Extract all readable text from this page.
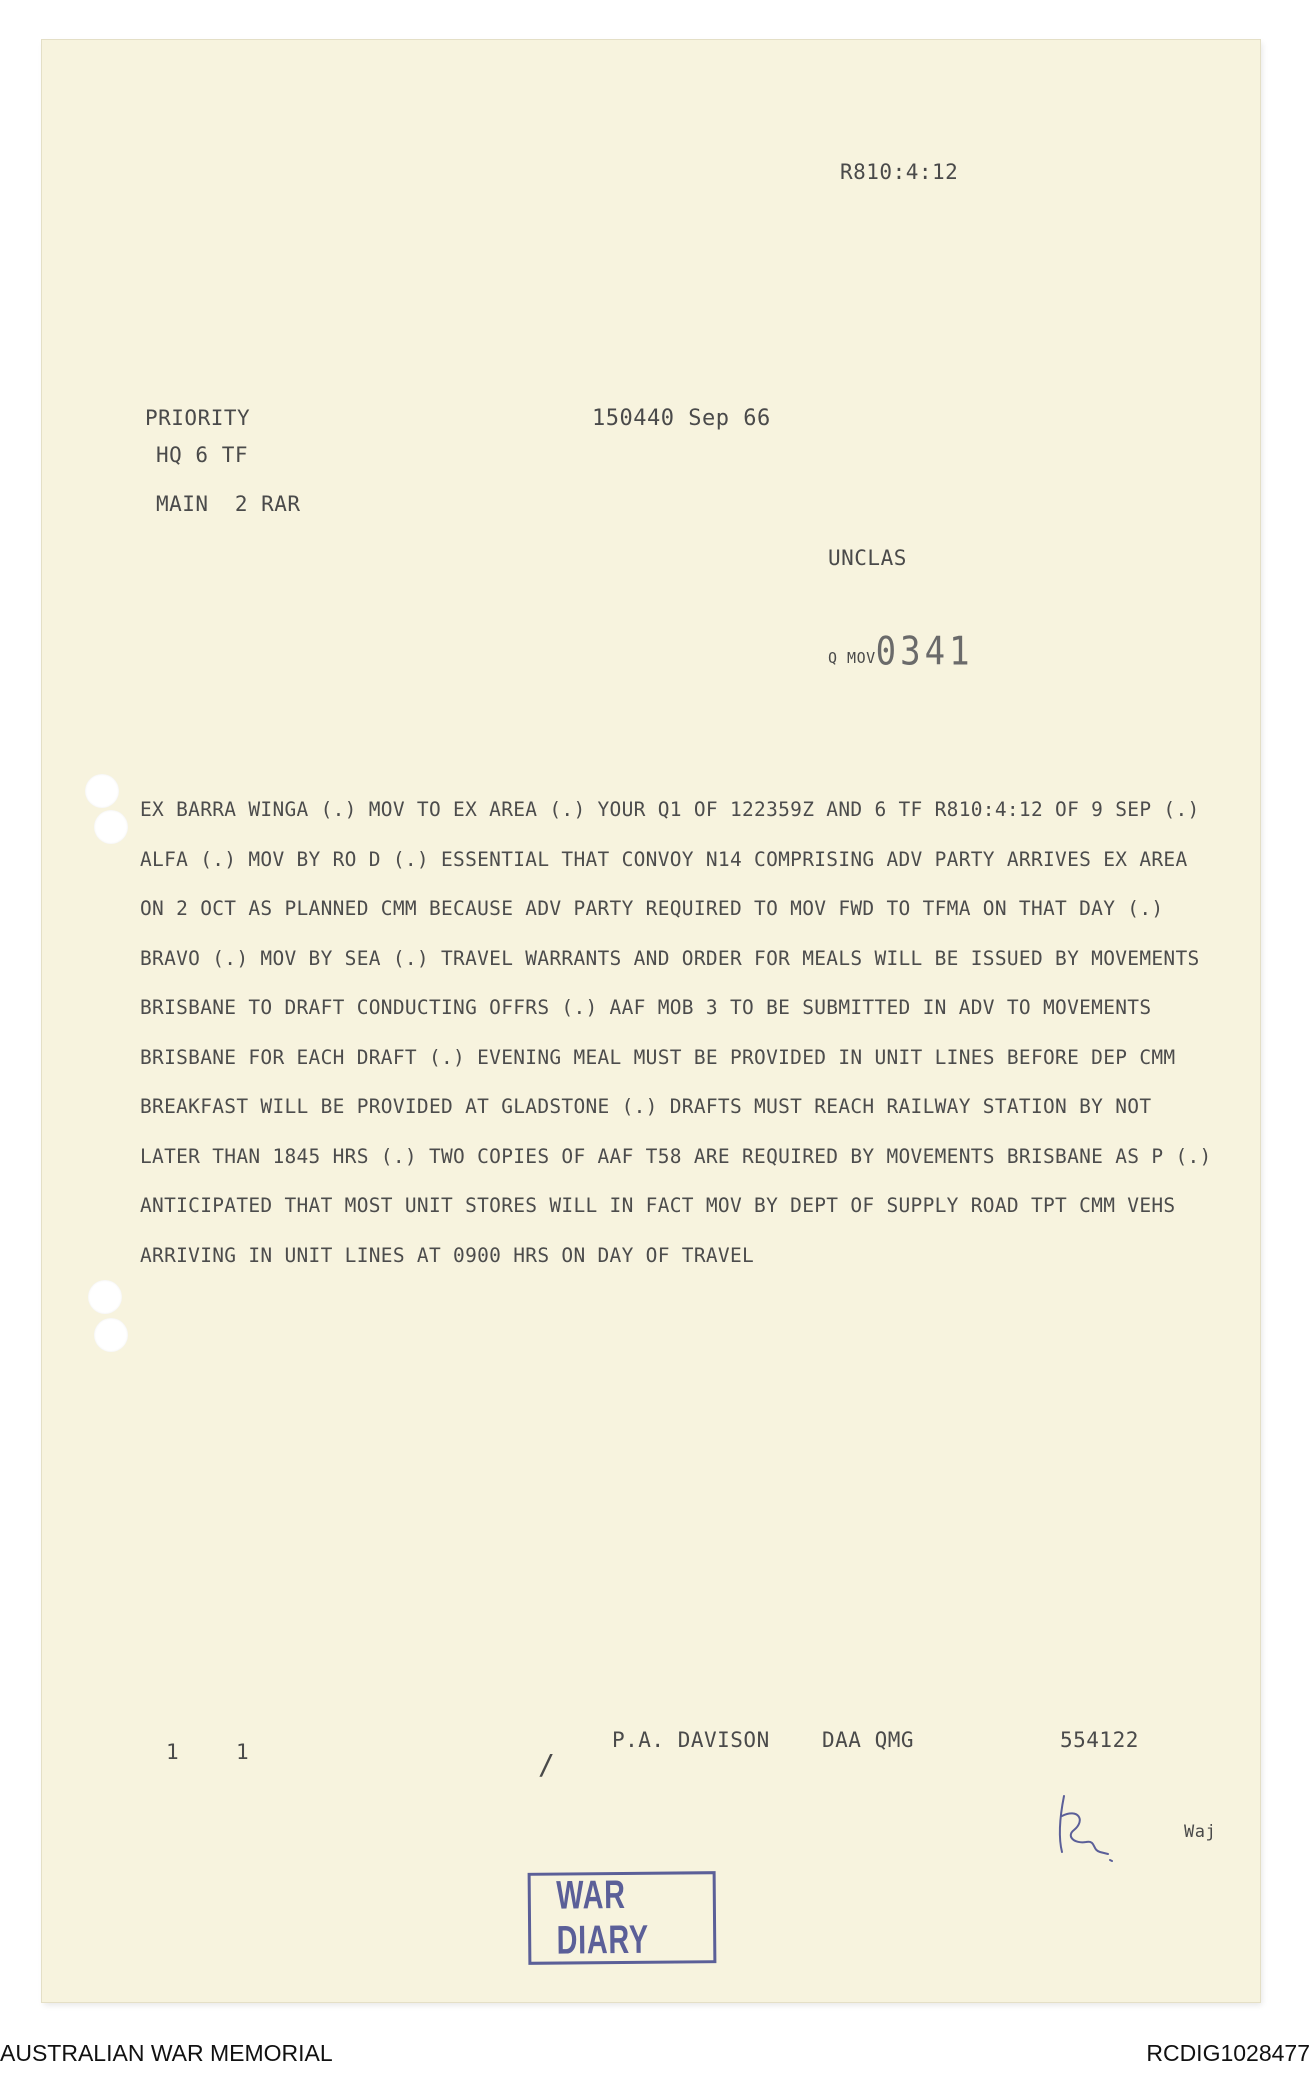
R810:4:12
PRIORITY
HQ 6 TF
MAIN  2 RAR
150440 Sep 66
UNCLAS
Q MOV0341
EX BARRA WINGA (.) MOV TO EX AREA (.) YOUR Q1 OF 122359Z AND 6 TF R810:4:12 OF 9 SEP (.)
ALFA (.) MOV BY RO D (.) ESSENTIAL THAT CONVOY N14 COMPRISING ADV PARTY ARRIVES EX AREA
ON 2 OCT AS PLANNED CMM BECAUSE ADV PARTY REQUIRED TO MOV FWD TO TFMA ON THAT DAY (.)
BRAVO (.) MOV BY SEA (.) TRAVEL WARRANTS AND ORDER FOR MEALS WILL BE ISSUED BY MOVEMENTS
BRISBANE TO DRAFT CONDUCTING OFFRS (.) AAF MOB 3 TO BE SUBMITTED IN ADV TO MOVEMENTS
BRISBANE FOR EACH DRAFT (.) EVENING MEAL MUST BE PROVIDED IN UNIT LINES BEFORE DEP CMM
BREAKFAST WILL BE PROVIDED AT GLADSTONE (.) DRAFTS MUST REACH RAILWAY STATION BY NOT
LATER THAN 1845 HRS (.) TWO COPIES OF AAF T58 ARE REQUIRED BY MOVEMENTS BRISBANE AS P (.)
ANTICIPATED THAT MOST UNIT STORES WILL IN FACT MOV BY DEPT OF SUPPLY ROAD TPT CMM VEHS
ARRIVING IN UNIT LINES AT 0900 HRS ON DAY OF TRAVEL
1	1	/
P.A. DAVISON DAA QMG	554122
Waj
WAR DIARY
AUSTRALIAN WAR MEMORIAL	RCDIG1028477
